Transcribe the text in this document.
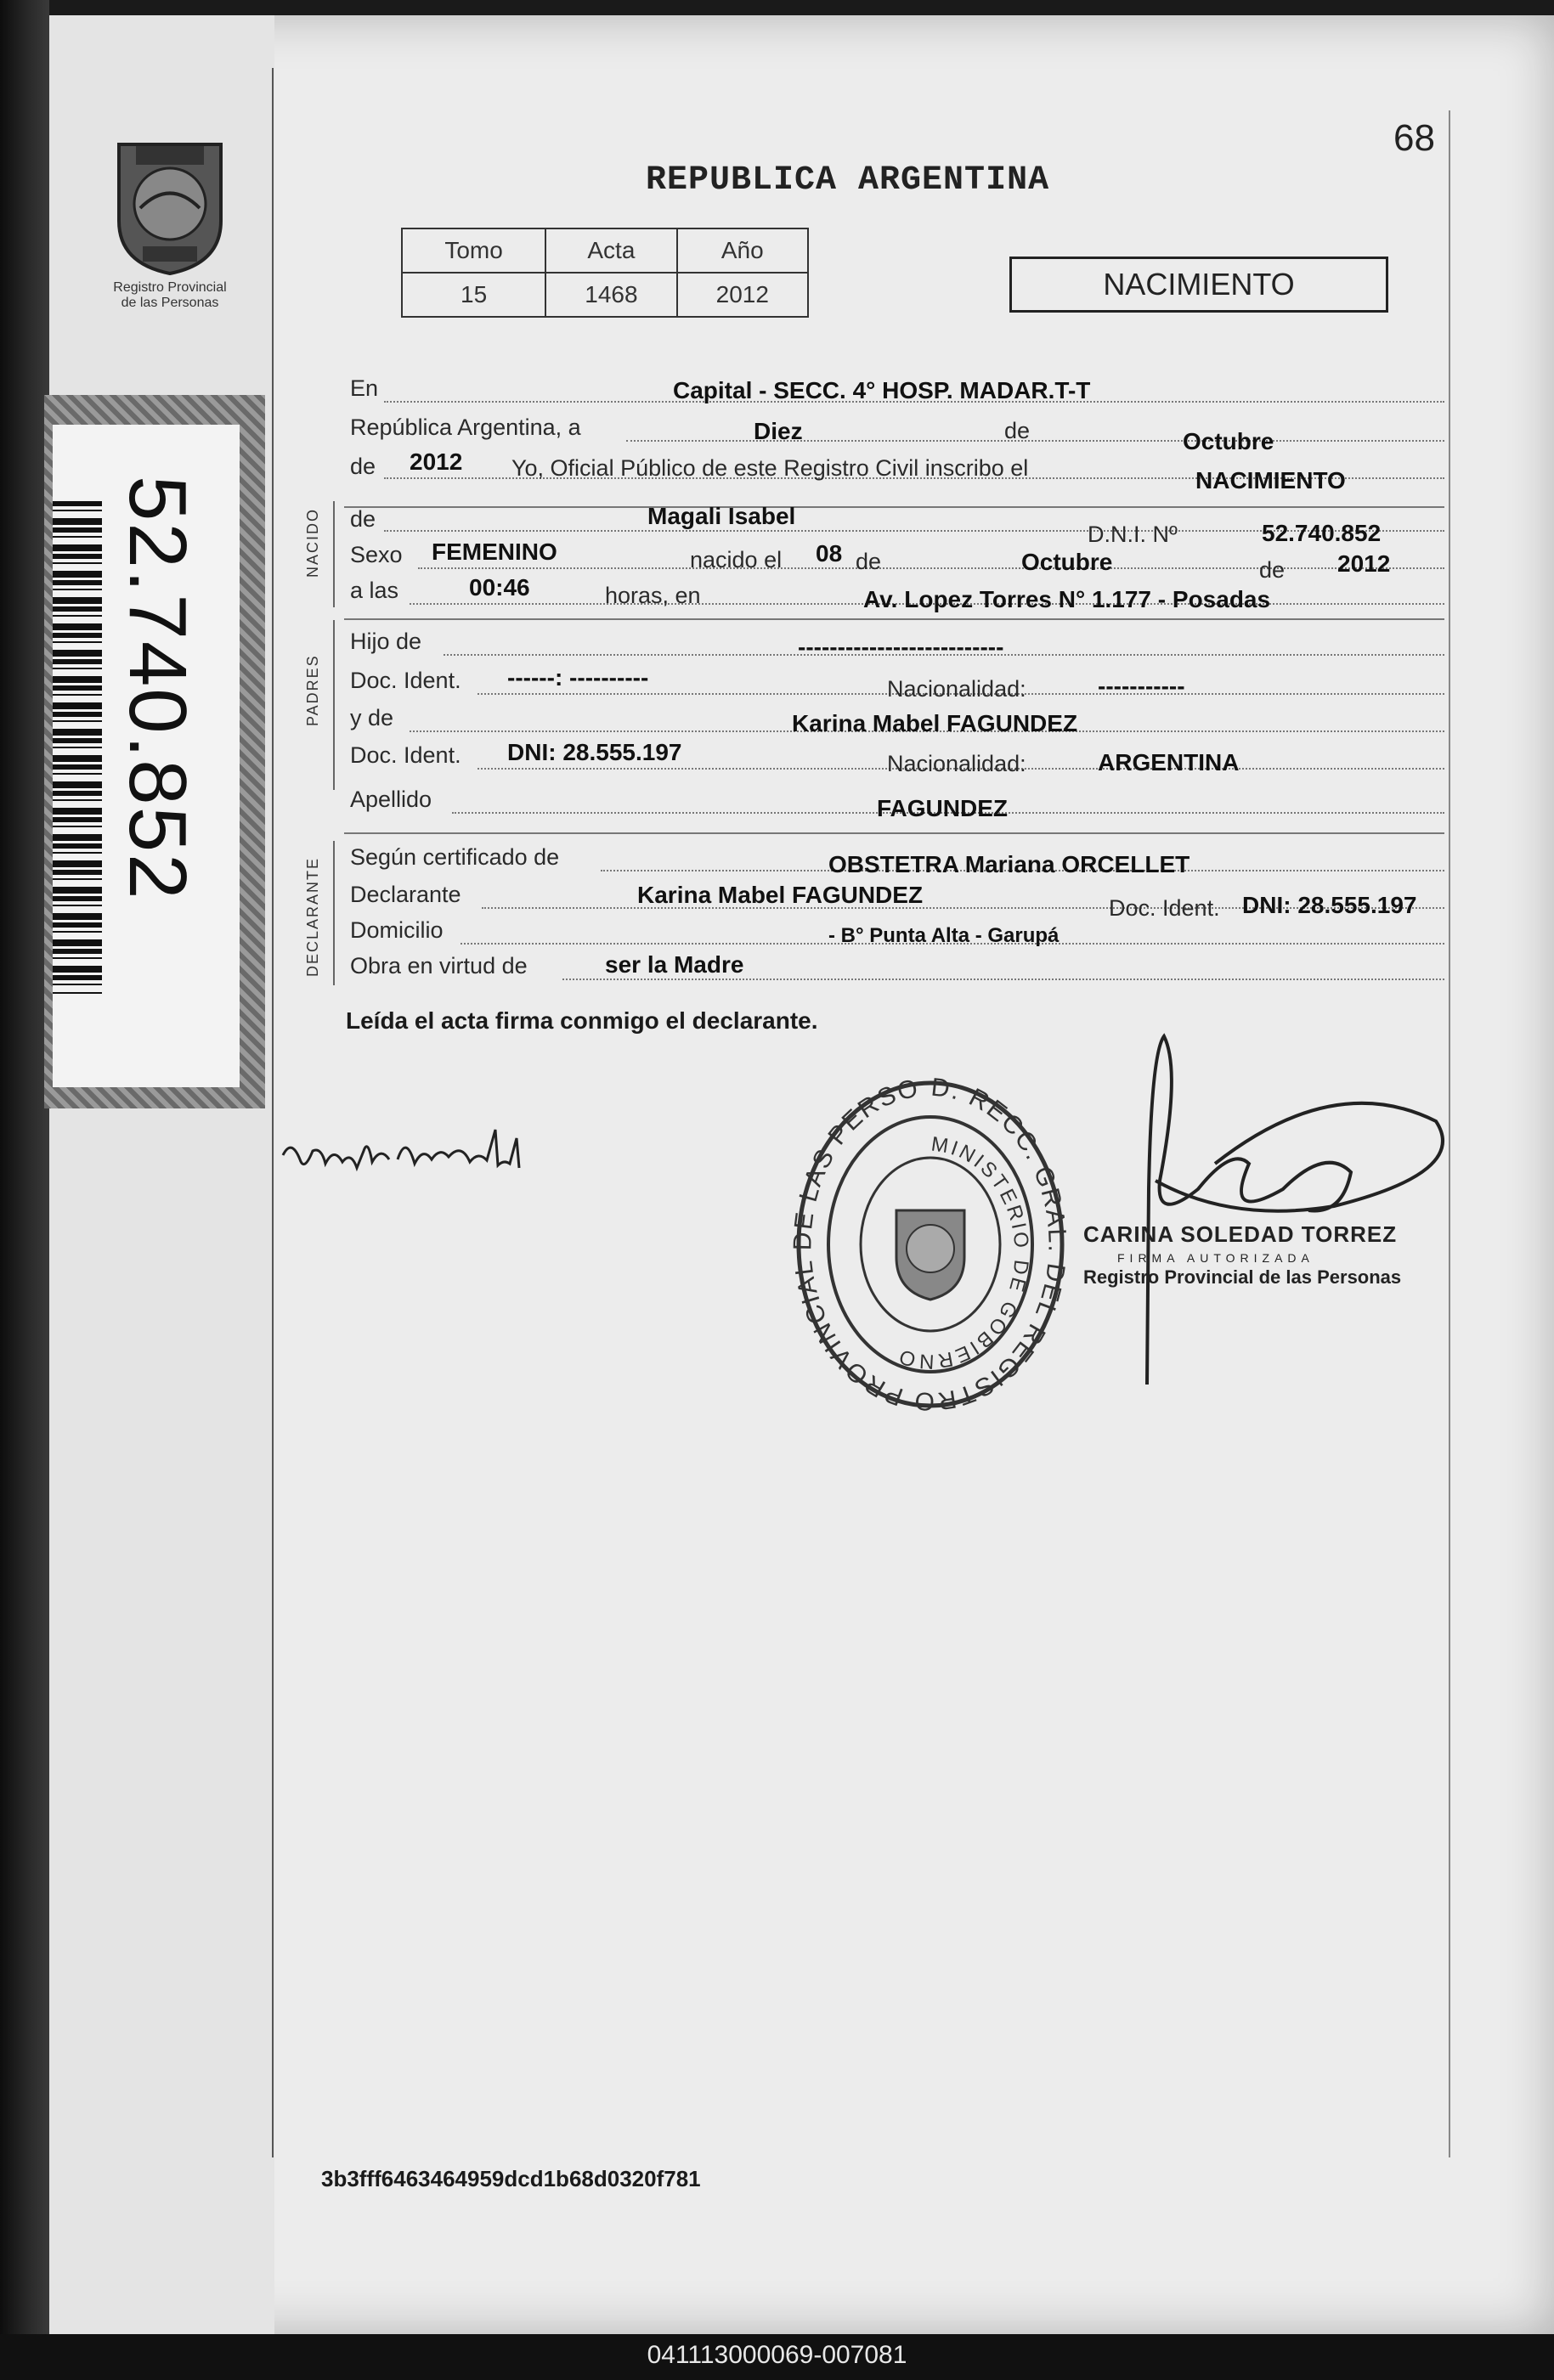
Registro Provincial
de las Personas
68
REPUBLICA ARGENTINA
Tomo	Acta	Año
15	1468	2012	NACIMIENTO
52.740.852	NACIDO
PADRES
DECLARANTE
En	Capital - SECC. 4° HOSP. MADAR.T-T
República Argentina, a	Diez	de	Octubre
de 2012 Yo, Oficial Público de este Registro Civil inscribo el	NACIMIENTO
de	Magali Isabel
D.N.I. Nº	52.740.852
Sexo FEMENINO	nacido el 08 de	Octubre	de 2012
a las	00:46	horas, en	Av. Lopez Torres N° 1.177 - Posadas
Hijo de	--------------------------
Doc. Ident. ------: ----------	Nacionalidad:	-----------
y de	Karina Mabel FAGUNDEZ
Doc. Ident. DNI: 28.555.197	Nacionalidad:	ARGENTINA
Apellido	FAGUNDEZ
Según certificado de	OBSTETRA Mariana ORCELLET
Declarante	Karina Mabel FAGUNDEZ	Doc. Ident. DNI: 28.555.197
Domicilio	- B° Punta Alta - Garupá
Obra en virtud de	ser la Madre
Leída el acta firma conmigo el declarante.
D. RECC. GRAL. DEL REGISTRO PROVINCIAL DE LAS PERSO
MINISTERIO DE GOBIERNO
CARINA SOLEDAD TORREZ
FIRMA AUTORIZADA
Registro Provincial de las Personas
3b3fff6463464959dcd1b68d0320f781
041113000069-007081
